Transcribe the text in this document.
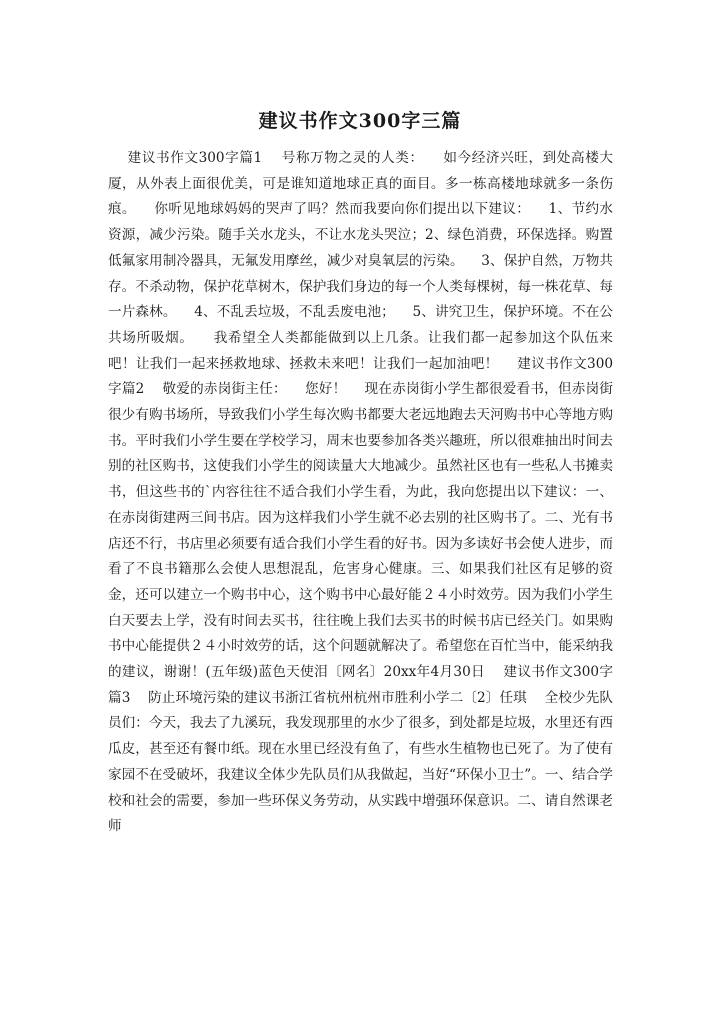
建议书作文300字三篇

建议书作文300字篇1    号称万物之灵的人类：    如今经济兴旺，到处高楼大厦，从外表上面很优美，可是谁知道地球正真的面目。多一栋高楼地球就多一条伤痕。    你听见地球妈妈的哭声了吗？然而我要向你们提出以下建议：    1、节约水资源，减少污染。随手关水龙头，不让水龙头哭泣；2、绿色消费，环保选择。购置低氟家用制冷器具，无氟发用摩丝，减少对臭氧层的污染。    3、保护自然，万物共存。不杀动物，保护花草树木，保护我们身边的每一个人类每棵树，每一株花草、每一片森林。    4、不乱丢垃圾，不乱丢废电池；    5、讲究卫生，保护环境。不在公共场所吸烟。    我希望全人类都能做到以上几条。让我们都一起参加这个队伍来吧！让我们一起来拯救地球、拯救未来吧！让我们一起加油吧！    建议书作文300字篇2    敬爱的赤岗街主任：    您好！    现在赤岗街小学生都很爱看书，但赤岗街很少有购书场所，导致我们小学生每次购书都要大老远地跑去天河购书中心等地方购书。平时我们小学生要在学校学习，周末也要参加各类兴趣班，所以很难抽出时间去别的社区购书，这使我们小学生的阅读量大大地减少。虽然社区也有一些私人书摊卖书，但这些书的`内容往往不适合我们小学生看，为此，我向您提出以下建议：一、在赤岗街建两三间书店。因为这样我们小学生就不必去别的社区购书了。二、光有书店还不行，书店里必须要有适合我们小学生看的好书。因为多读好书会使人进步，而看了不良书籍那么会使人思想混乱，危害身心健康。三、如果我们社区有足够的资金，还可以建立一个购书中心，这个购书中心最好能２４小时效劳。因为我们小学生白天要去上学，没有时间去买书，往往晚上我们去买书的时候书店已经关门。如果购书中心能提供２４小时效劳的话，这个问题就解决了。希望您在百忙当中，能采纳我的建议，谢谢！(五年级)蓝色天使泪〔网名〕20xx年4月30日    建议书作文300字篇3    防止环境污染的建议书浙江省杭州杭州市胜利小学二〔2〕任琪    全校少先队员们：今天，我去了九溪玩，我发现那里的水少了很多，到处都是垃圾，水里还有西瓜皮，甚至还有餐巾纸。现在水里已经没有鱼了，有些水生植物也已死了。为了使有家园不在受破坏，我建议全体少先队员们从我做起，当好“环保小卫士”。一、结合学校和社会的需要，参加一些环保义务劳动，从实践中增强环保意识。二、请自然课老师
